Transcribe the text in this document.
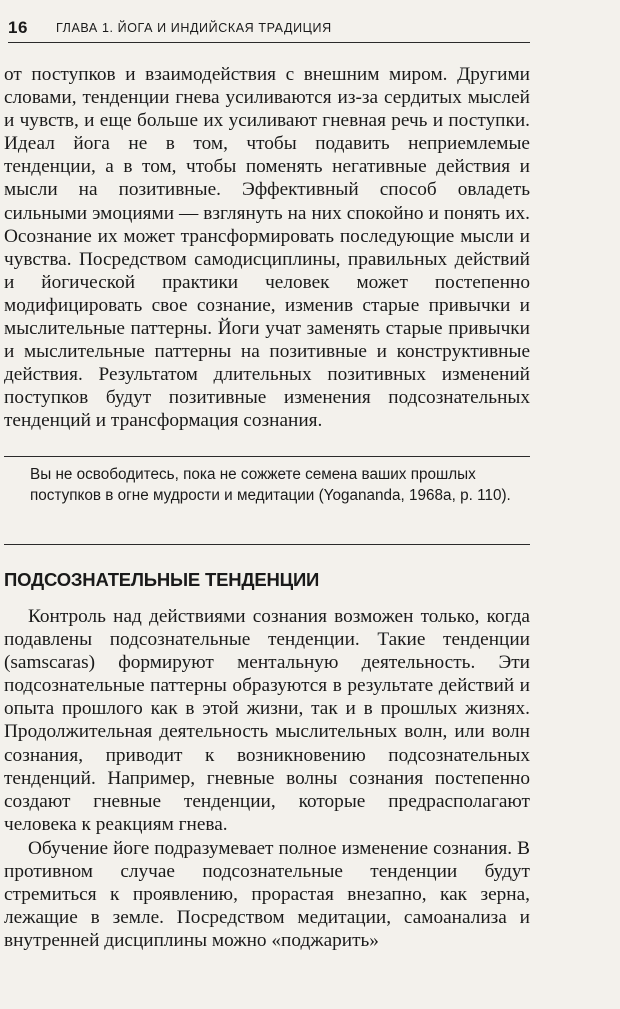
16 ГЛАВА 1. ЙОГА И ИНДИЙСКАЯ ТРАДИЦИЯ

от поступков и взаимодействия с внешним миром. Другими словами, тенденции гнева усиливаются из-за сердитых мыслей и чувств, и еще больше их усиливают гневная речь и поступки. Идеал йога не в том, чтобы подавить неприемлемые тенденции, а в том, чтобы поменять негативные действия и мысли на позитивные. Эффективный способ овладеть сильными эмоциями — взглянуть на них спокойно и понять их. Осознание их может трансформировать последующие мысли и чувства. Посредством самодисциплины, правильных действий и йогической практики человек может постепенно модифицировать свое сознание, изменив старые привычки и мыслительные паттерны. Йоги учат заменять старые привычки и мыслительные паттерны на позитивные и конструктивные действия. Результатом длительных позитивных изменений поступков будут позитивные изменения подсознательных тенденций и трансформация сознания.

Вы не освободитесь, пока не сожжете семена ваших прошлых поступков в огне мудрости и медитации (Yogananda, 1968a, p. 110).

ПОДСОЗНАТЕЛЬНЫЕ ТЕНДЕНЦИИ

Контроль над действиями сознания возможен только, когда подавлены подсознательные тенденции. Такие тенденции (samscaras) формируют ментальную деятельность. Эти подсознательные паттерны образуются в результате действий и опыта прошлого как в этой жизни, так и в прошлых жизнях. Продолжительная деятельность мыслительных волн, или волн сознания, приводит к возникновению подсознательных тенденций. Например, гневные волны сознания постепенно создают гневные тенденции, которые предрасполагают человека к реакциям гнева.

Обучение йоге подразумевает полное изменение сознания. В противном случае подсознательные тенденции будут стремиться к проявлению, прорастая внезапно, как зерна, лежащие в земле. Посредством медитации, самоанализа и внутренней дисциплины можно «поджарить»
